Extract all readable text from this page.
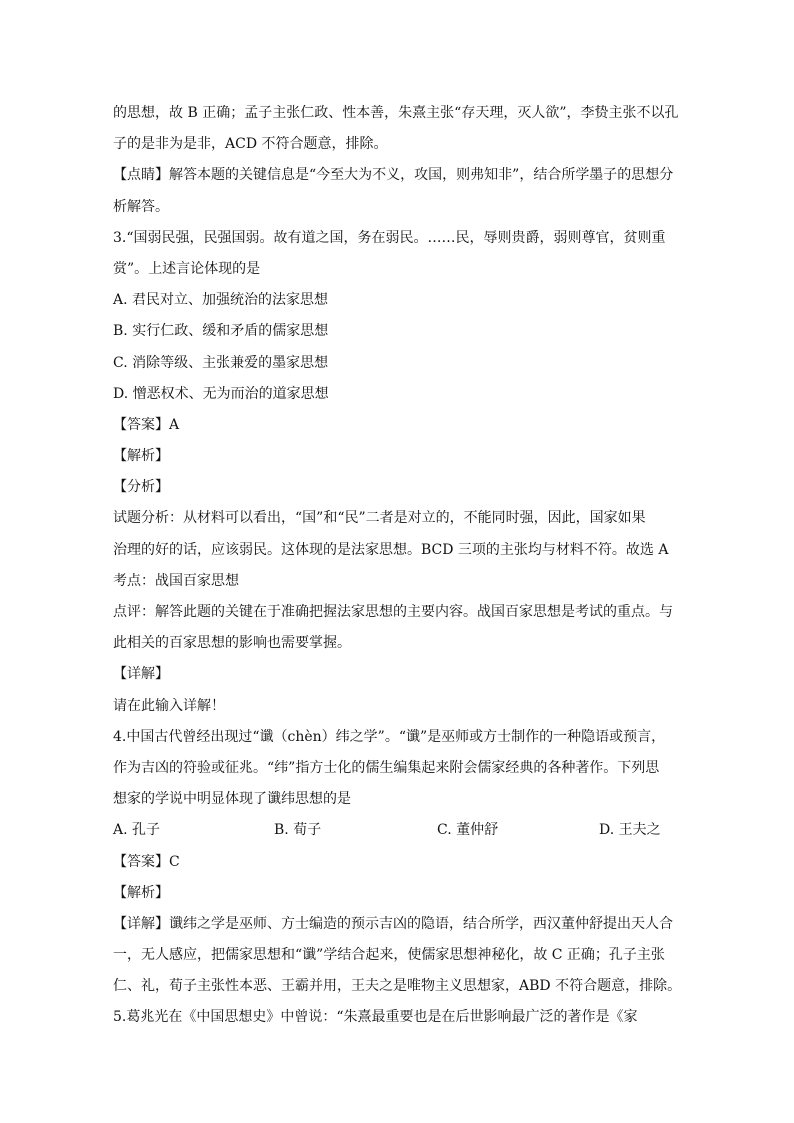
的思想，故 B 正确；孟子主张仁政、性本善，朱熹主张“存天理，灭人欲”，李贽主张不以孔
子的是非为是非，ACD 不符合题意，排除。
【点睛】解答本题的关键信息是“今至大为不义，攻国，则弗知非”，结合所学墨子的思想分
析解答。
3.“国弱民强，民强国弱。故有道之国，务在弱民。……民，辱则贵爵，弱则尊官，贫则重
赏”。上述言论体现的是
A. 君民对立、加强统治的法家思想
B. 实行仁政、缓和矛盾的儒家思想
C. 消除等级、主张兼爱的墨家思想
D. 憎恶权术、无为而治的道家思想
【答案】A
【解析】
【分析】
试题分析：从材料可以看出，“国”和“民”二者是对立的，不能同时强，因此，国家如果
治理的好的话，应该弱民。这体现的是法家思想。BCD 三项的主张均与材料不符。故选 A
考点：战国百家思想
点评：解答此题的关键在于准确把握法家思想的主要内容。战国百家思想是考试的重点。与
此相关的百家思想的影响也需要掌握。
【详解】
请在此输入详解！
4.中国古代曾经出现过“谶（chèn）纬之学”。“谶”是巫师或方士制作的一种隐语或预言，
作为吉凶的符验或征兆。“纬”指方士化的儒生编集起来附会儒家经典的各种著作。下列思
想家的学说中明显体现了谶纬思想的是
A. 孔子	B. 荀子	C. 董仲舒	D. 王夫之
【答案】C
【解析】
【详解】谶纬之学是巫师、方士编造的预示吉凶的隐语，结合所学，西汉董仲舒提出天人合
一，无人感应，把儒家思想和“谶”学结合起来，使儒家思想神秘化，故 C 正确；孔子主张
仁、礼，荀子主张性本恶、王霸并用，王夫之是唯物主义思想家，ABD 不符合题意，排除。
5.葛兆光在《中国思想史》中曾说：“朱熹最重要也是在后世影响最广泛的著作是《家
